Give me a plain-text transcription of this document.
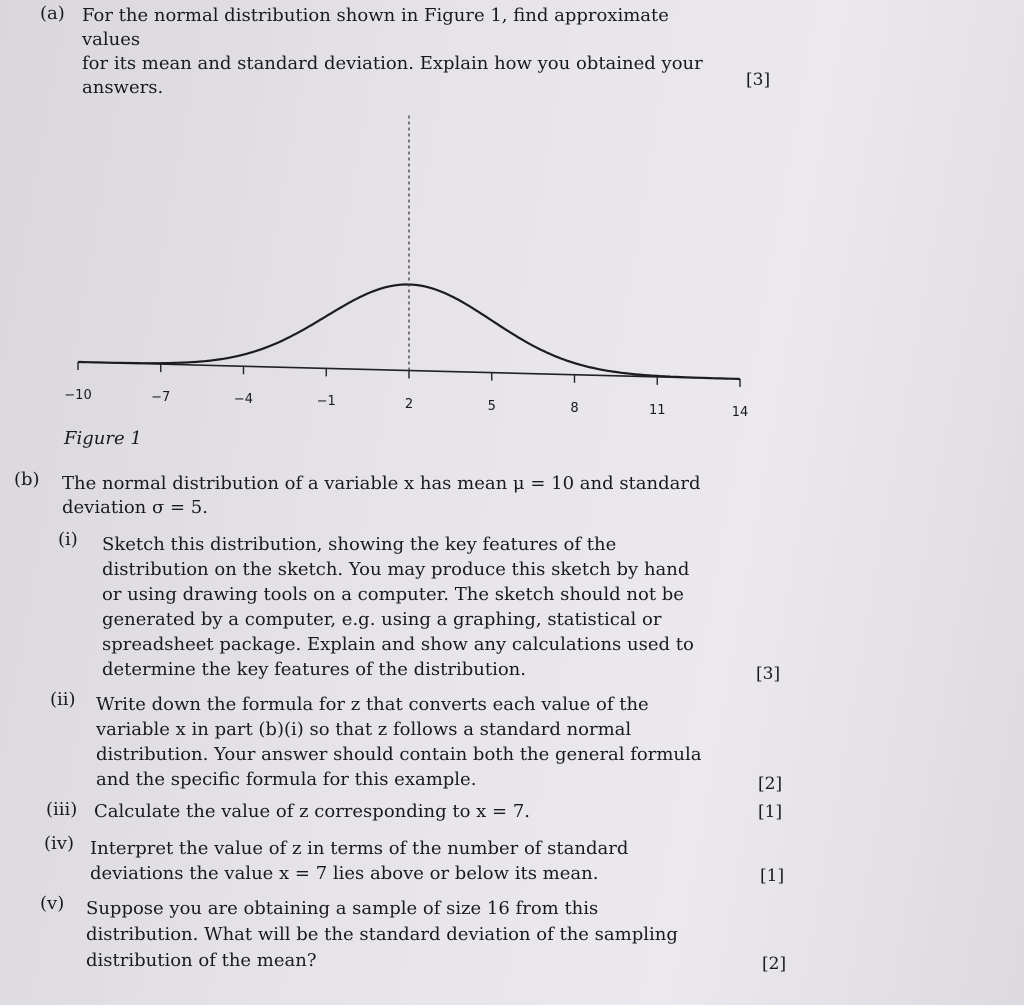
(a) For the normal distribution shown in Figure 1, find approximate values
for its mean and standard deviation. Explain how you obtained your
answers.	[3]
−10	−7	−4	−1	2	5	8	11	14
Figure 1
(b) The normal distribution of a variable x has mean μ = 10 and standard
deviation σ = 5.
(i) Sketch this distribution, showing the key features of the
distribution on the sketch. You may produce this sketch by hand
or using drawing tools on a computer. The sketch should not be
generated by a computer, e.g. using a graphing, statistical or
spreadsheet package. Explain and show any calculations used to
determine the key features of the distribution.	[3]
(ii) Write down the formula for z that converts each value of the
variable x in part (b)(i) so that z follows a standard normal
distribution. Your answer should contain both the general formula
and the specific formula for this example.	[2]
(iii) Calculate the value of z corresponding to x = 7.	[1]
(iv) Interpret the value of z in terms of the number of standard
deviations the value x = 7 lies above or below its mean.	[1]
(v) Suppose you are obtaining a sample of size 16 from this
distribution. What will be the standard deviation of the sampling
distribution of the mean?	[2]
